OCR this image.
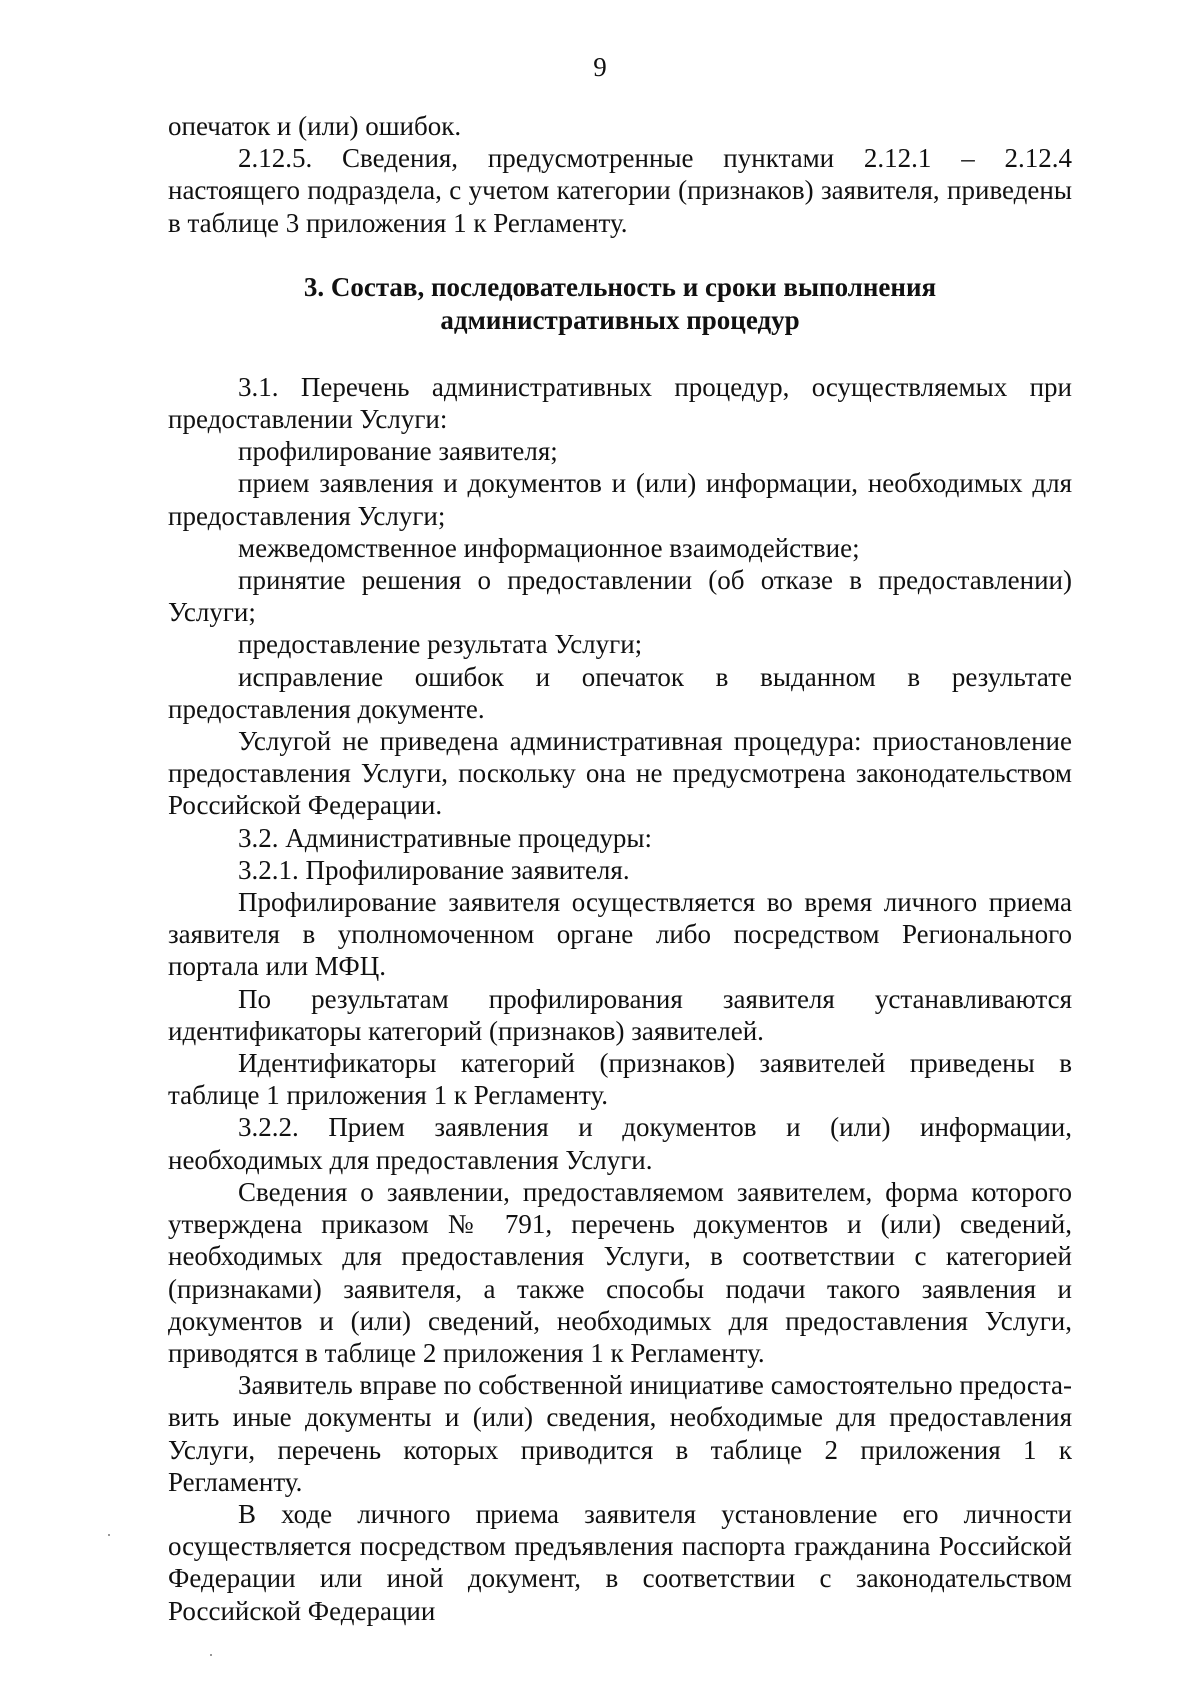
9

опечаток и (или) ошибок.

2.12.5. Сведения, предусмотренные пунктами 2.12.1 – 2.12.4 настоящего подраздела, с учетом категории (признаков) заявителя, приведены в таблице 3 приложения 1 к Регламенту.

3. Состав, последовательность и сроки выполнения
административных процедур

3.1. Перечень административных процедур, осуществляемых при предоставлении Услуги:

профилирование заявителя;

прием заявления и документов и (или) информации, необходимых для предоставления Услуги;

межведомственное информационное взаимодействие;

принятие решения о предоставлении (об отказе в предоставлении) Услуги;

предоставление результата Услуги;

исправление ошибок и опечаток в выданном в результате предоставления документе.

Услугой не приведена административная процедура: приостановление предоставления Услуги, поскольку она не предусмотрена законодательством Российской Федерации.

3.2. Административные процедуры:

3.2.1. Профилирование заявителя.

Профилирование заявителя осуществляется во время личного приема заявителя в уполномоченном органе либо посредством Регионального портала или МФЦ.

По результатам профилирования заявителя устанавливаются идентификаторы категорий (признаков) заявителей.

Идентификаторы категорий (признаков) заявителей приведены в таблице 1 приложения 1 к Регламенту.

3.2.2. Прием заявления и документов и (или) информации, необходимых для предоставления Услуги.

Сведения о заявлении, предоставляемом заявителем, форма которого утверждена приказом № 791, перечень документов и (или) сведений, необходимых для предоставления Услуги, в соответствии с категорией (признаками) заявителя, а также способы подачи такого заявления и документов и (или) сведений, необходимых для предоставления Услуги, приводятся в таблице 2 приложения 1 к Регламенту.

Заявитель вправе по собственной инициативе самостоятельно предоставить иные документы и (или) сведения, необходимые для предоставления Услуги, перечень которых приводится в таблице 2 приложения 1 к Регламенту.

В ходе личного приема заявителя установление его личности осуществляется посредством предъявления паспорта гражданина Российской Федерации или иной документ, в соответствии с законодательством Российской Федерации
